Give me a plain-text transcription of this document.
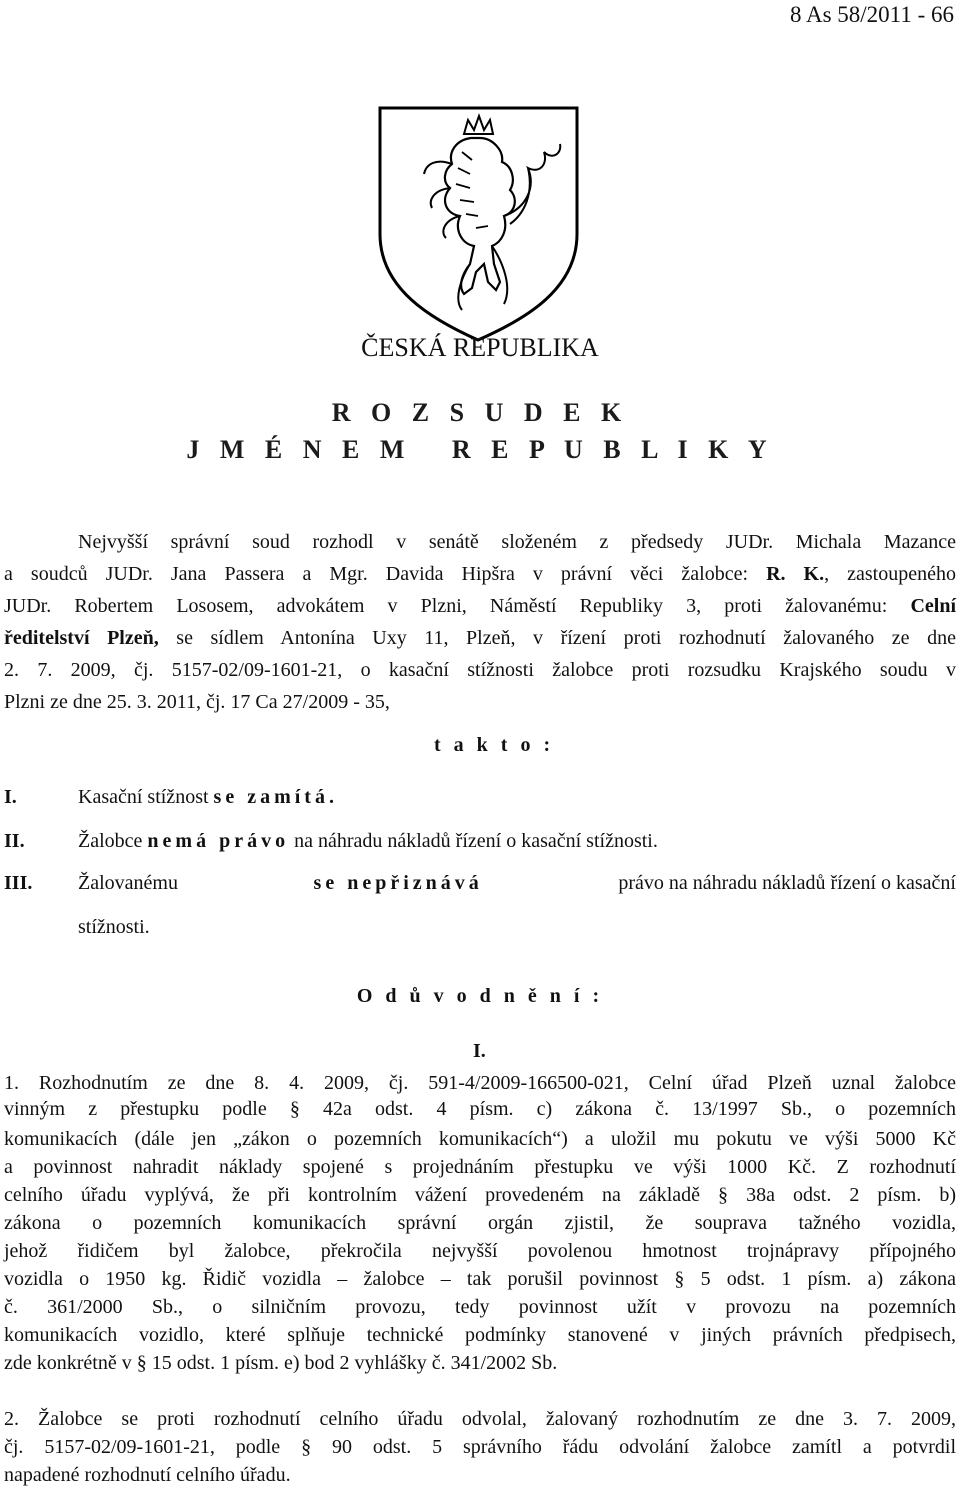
8 As 58/2011 - 66
ČESKÁ REPUBLIKA
R O Z S U D E K
J M É N E M   R E P U B L I K Y
Nejvyšší správní soud rozhodl v senátě složeném z předsedy JUDr. Michala Mazance
a soudců JUDr. Jana Passera a Mgr. Davida Hipšra v právní věci žalobce: R. K., zastoupeného
JUDr. Robertem Lososem, advokátem v Plzni, Náměstí Republiky 3, proti žalovanému: Celní
ředitelství Plzeň, se sídlem Antonína Uxy 11, Plzeň, v řízení proti rozhodnutí žalovaného ze dne
2. 7. 2009, čj. 5157-02/09-1601-21, o kasační stížnosti žalobce proti rozsudku Krajského soudu v
Plzni ze dne 25. 3. 2011, čj. 17 Ca 27/2009 - 35,
t a k t o :
I.	Kasační stížnost se zamítá.
II.	Žalobce nemá právo na náhradu nákladů řízení o kasační stížnosti.
III. Žalovanému	se nepřiznává	právo na náhradu nákladů řízení o kasační
stížnosti.
O d ů v o d n ě n í :
I.
1. Rozhodnutím ze dne 8. 4. 2009, čj. 591-4/2009-166500-021, Celní úřad Plzeň uznal žalobce
vinným z přestupku podle § 42a odst. 4 písm. c) zákona č. 13/1997 Sb., o pozemních
komunikacích (dále jen „zákon o pozemních komunikacích“) a uložil mu pokutu ve výši 5000 Kč
a povinnost nahradit náklady spojené s projednáním přestupku ve výši 1000 Kč. Z rozhodnutí
celního úřadu vyplývá, že při kontrolním vážení provedeném na základě § 38a odst. 2 písm. b)
zákona o pozemních komunikacích správní orgán zjistil, že souprava tažného vozidla,
jehož řidičem byl žalobce, překročila nejvyšší povolenou hmotnost trojnápravy přípojného
vozidla o 1950 kg. Řidič vozidla – žalobce – tak porušil povinnost § 5 odst. 1 písm. a) zákona
č. 361/2000 Sb., o silničním provozu, tedy povinnost užít v provozu na pozemních
komunikacích vozidlo, které splňuje technické podmínky stanovené v jiných právních předpisech,
zde konkrétně v § 15 odst. 1 písm. e) bod 2 vyhlášky č. 341/2002 Sb.
2. Žalobce se proti rozhodnutí celního úřadu odvolal, žalovaný rozhodnutím ze dne 3. 7. 2009,
čj. 5157-02/09-1601-21, podle § 90 odst. 5 správního řádu odvolání žalobce zamítl a potvrdil
napadené rozhodnutí celního úřadu.
